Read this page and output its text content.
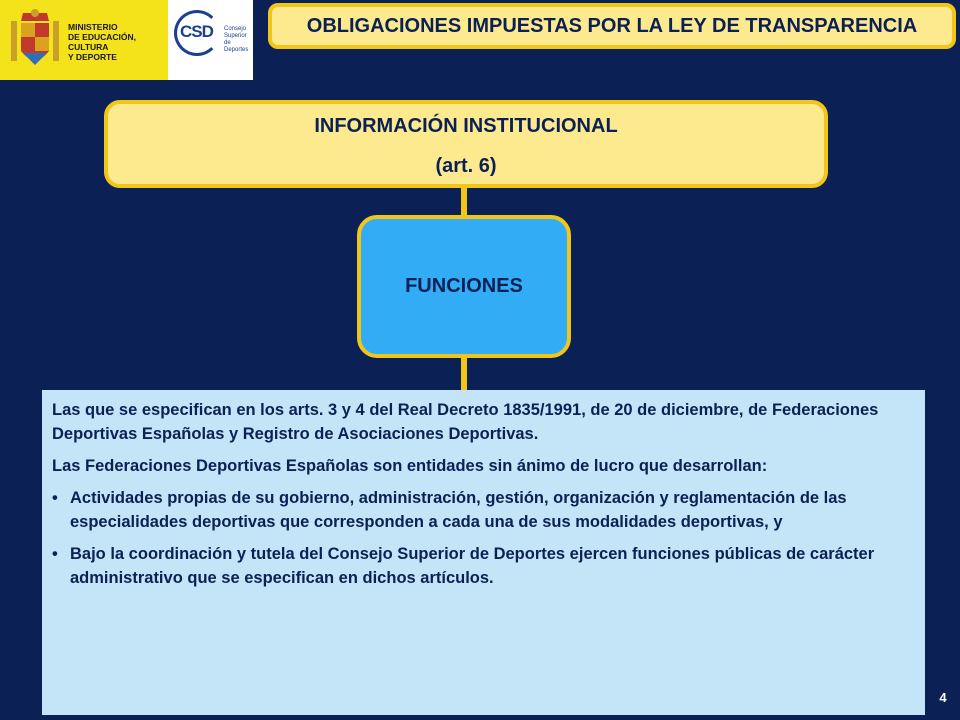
MINISTERIO
DE EDUCACIÓN, CULTURA
Y DEPORTE
CSD Consejo
Superior de
Deportes
OBLIGACIONES IMPUESTAS POR LA LEY DE TRANSPARENCIA
INFORMACIÓN INSTITUCIONAL
(art. 6)
FUNCIONES

Las que se especifican en los arts. 3 y 4 del Real Decreto 1835/1991, de 20 de diciembre, de Federaciones Deportivas Españolas y Registro de Asociaciones Deportivas.

Las Federaciones Deportivas Españolas son entidades sin ánimo de lucro que desarrollan:

• Actividades propias de su gobierno, administración, gestión, organización y reglamentación de las especialidades deportivas que corresponden a cada una de sus modalidades deportivas, y
• Bajo la coordinación y tutela del Consejo Superior de Deportes ejercen funciones públicas de carácter administrativo que se especifican en dichos artículos.
4
